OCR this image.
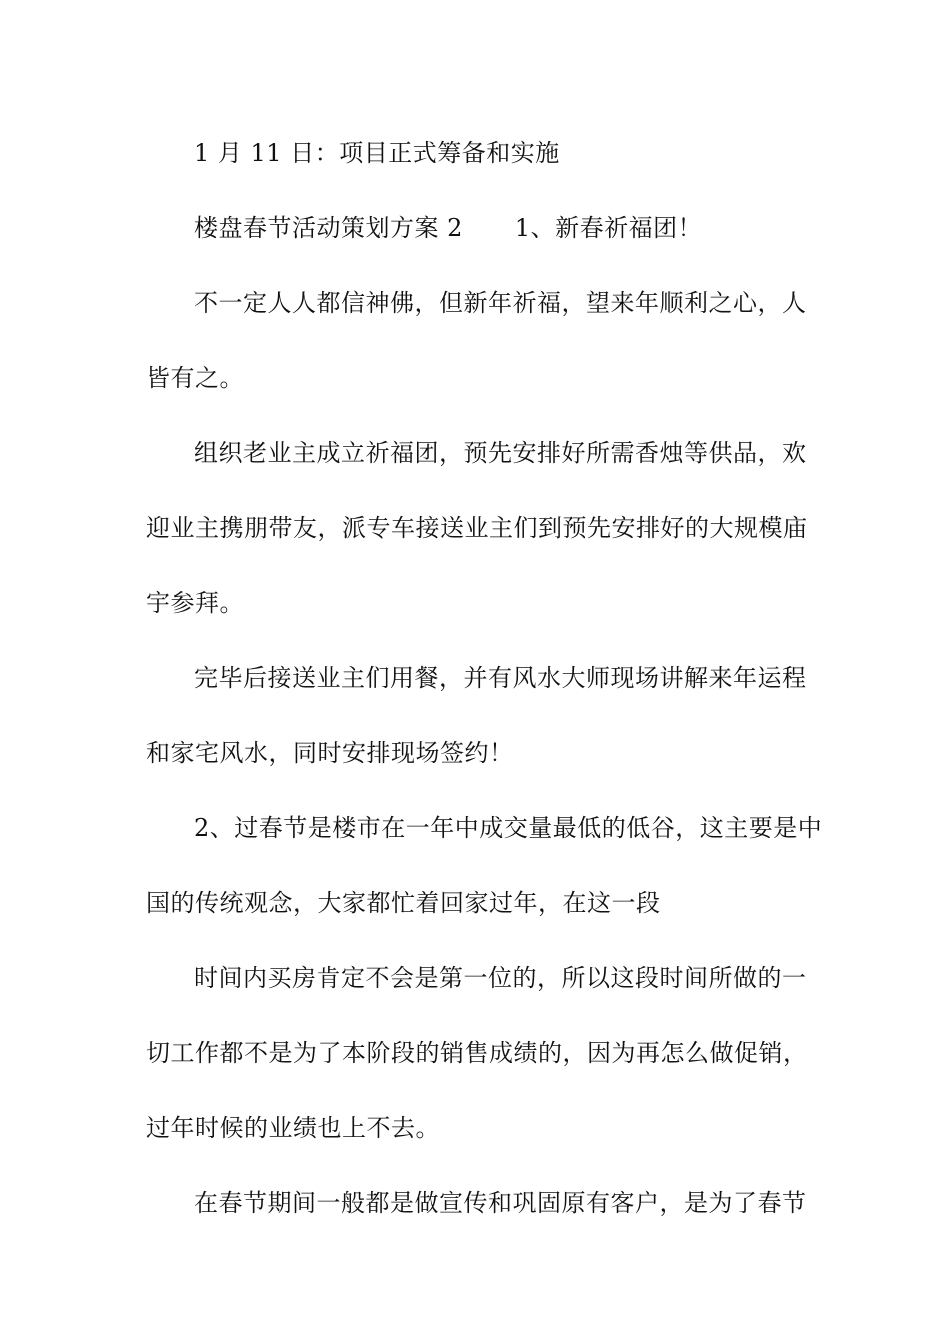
1 月 11 日：项目正式筹备和实施
楼盘春节活动策划方案 2 1、新春祈福团！
不一定人人都信神佛，但新年祈福，望来年顺利之心，人
皆有之。
组织老业主成立祈福团，预先安排好所需香烛等供品，欢
迎业主携朋带友，派专车接送业主们到预先安排好的大规模庙
宇参拜。
完毕后接送业主们用餐，并有风水大师现场讲解来年运程
和家宅风水，同时安排现场签约！
2、过春节是楼市在一年中成交量最低的低谷，这主要是中
国的传统观念，大家都忙着回家过年，在这一段
时间内买房肯定不会是第一位的，所以这段时间所做的一
切工作都不是为了本阶段的销售成绩的，因为再怎么做促销，
过年时候的业绩也上不去。
在春节期间一般都是做宣传和巩固原有客户，是为了春节
